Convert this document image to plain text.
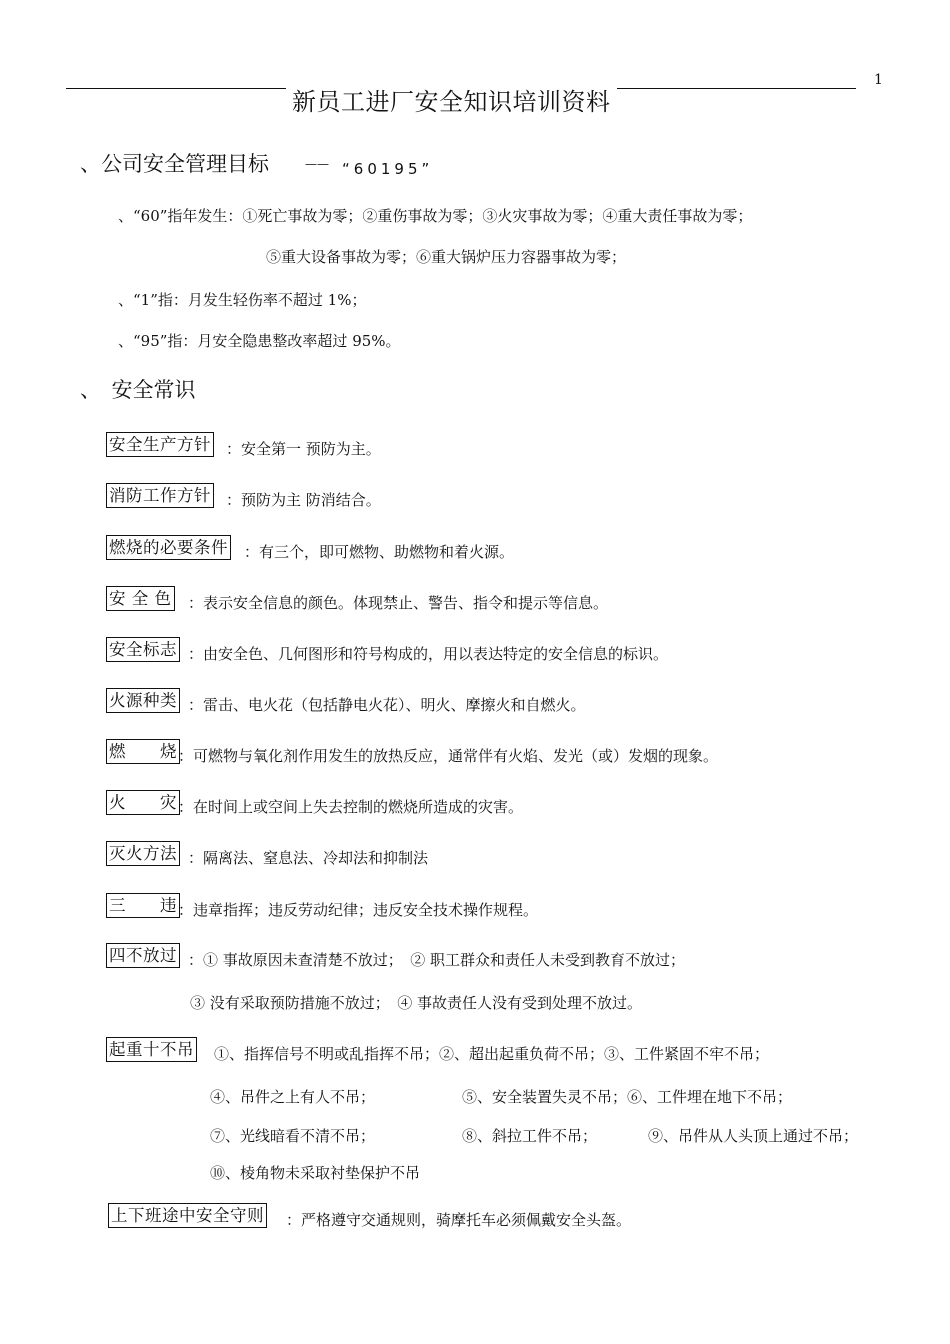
1
新员工进厂安全知识培训资料
、公司安全管理目标	—— “60195”
、“60”指年发生：①死亡事故为零；②重伤事故为零；③火灾事故为零；④重大责任事故为零；
⑤重大设备事故为零；⑥重大锅炉压力容器事故为零；
、“1”指：月发生轻伤率不超过 1%；
、“95”指：月安全隐患整改率超过 95%。
、　安全常识
安全生产方针 ：安全第一 预防为主。
消防工作方针 ：预防为主 防消结合。
燃烧的必要条件 ：有三个，即可燃物、助燃物和着火源。
安 全 色 ：表示安全信息的颜色。体现禁止、警告、指令和提示等信息。
安全标志 ：由安全色、几何图形和符号构成的，用以表达特定的安全信息的标识。
火源种类 ：雷击、电火花（包括静电火花）、明火、摩擦火和自燃火。
燃　　烧 ：可燃物与氧化剂作用发生的放热反应，通常伴有火焰、发光（或）发烟的现象。
火　　灾 ：在时间上或空间上失去控制的燃烧所造成的灾害。
灭火方法 ：隔离法、窒息法、冷却法和抑制法
三　　违 ：违章指挥；违反劳动纪律；违反安全技术操作规程。
四不放过 ：① 事故原因未查清楚不放过；　② 职工群众和责任人未受到教育不放过；
③ 没有采取预防措施不放过；　④ 事故责任人没有受到处理不放过。
起重十不吊 ①、指挥信号不明或乱指挥不吊；②、超出起重负荷不吊；③、工件紧固不牢不吊；
④、吊件之上有人不吊；	⑤、安全装置失灵不吊；⑥、工件埋在地下不吊；
⑦、光线暗看不清不吊；	⑧、斜拉工件不吊；	⑨、吊件从人头顶上通过不吊；
⑩、棱角物未采取衬垫保护不吊
上下班途中安全守则 ：严格遵守交通规则，骑摩托车必须佩戴安全头盔。
